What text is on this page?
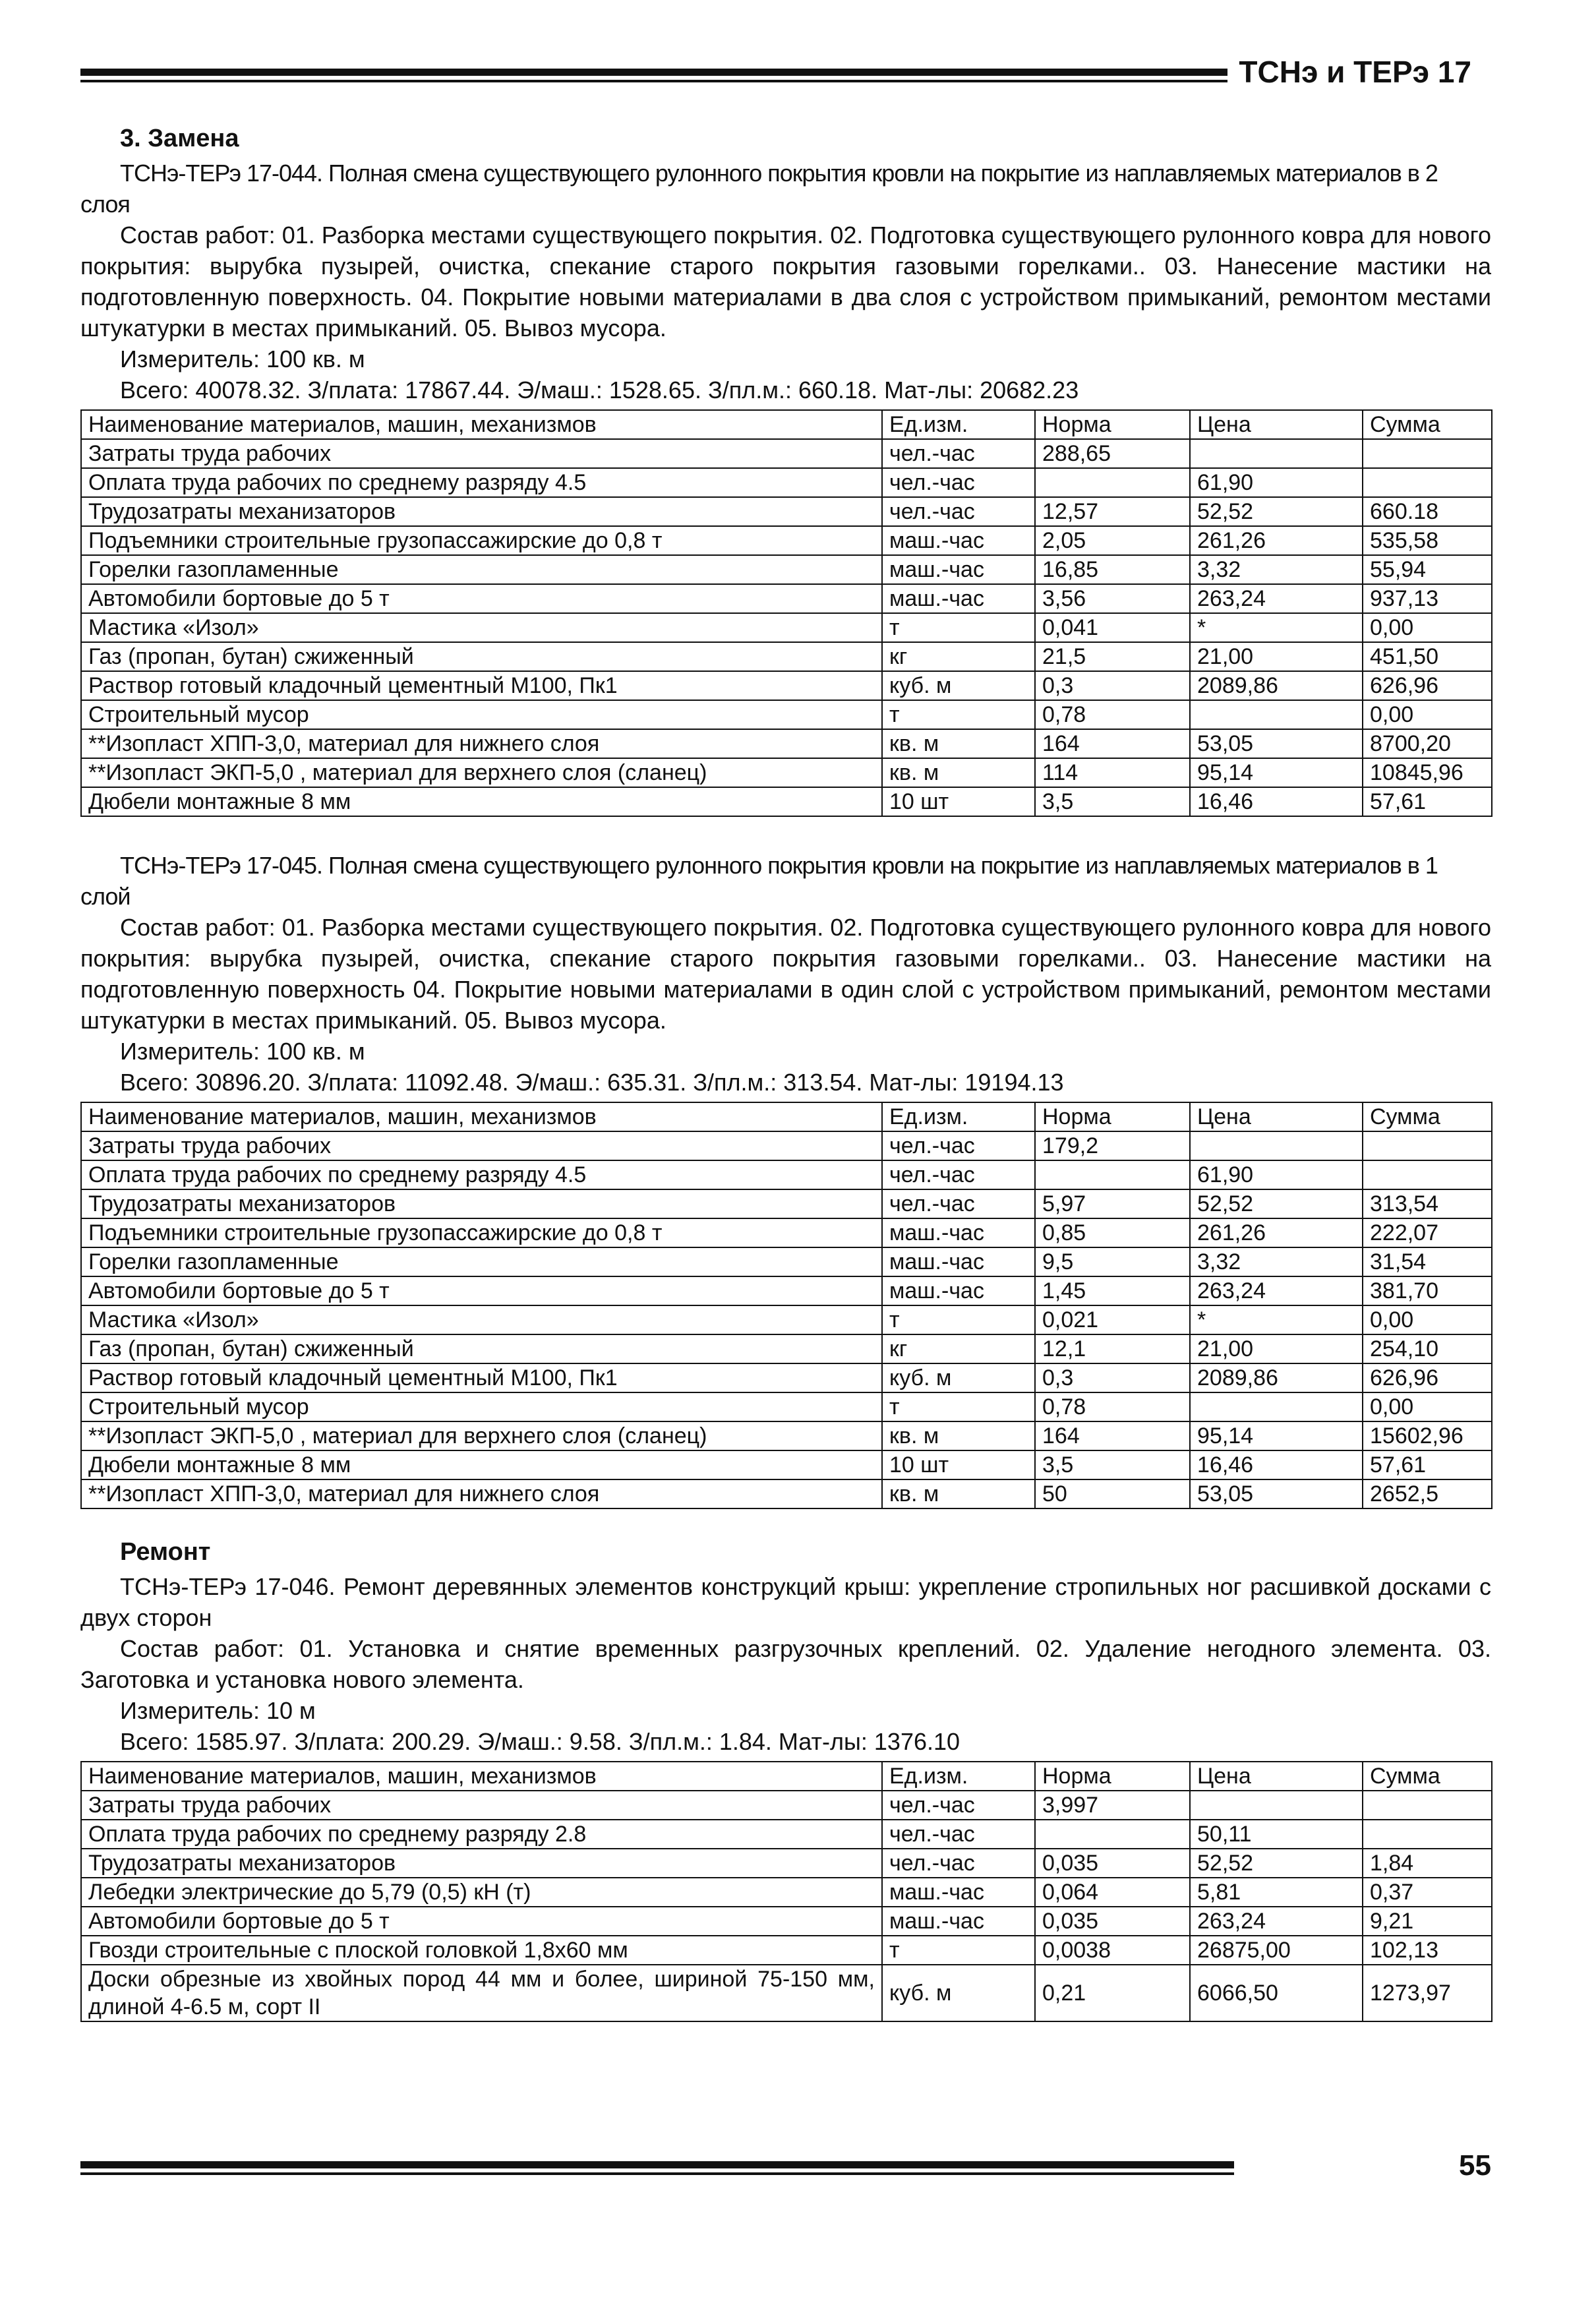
ТСНэ и ТЕРэ 17

3. Замена

ТСНэ-ТЕРэ 17-044. Полная смена существующего рулонного покрытия кровли на покрытие из наплавляемых материалов в 2 слоя

Состав работ: 01. Разборка местами существующего покрытия. 02. Подготовка существующего рулонного ковра для нового покрытия: вырубка пузырей, очистка, спекание старого покрытия газовыми горелками.. 03. Нанесение мастики на подготовленную поверхность. 04. Покрытие новыми материалами в два слоя с устройством примыканий, ремонтом местами штукатурки в местах примыканий. 05. Вывоз мусора.

Измеритель: 100 кв. м

Всего: 40078.32. З/плата: 17867.44. Э/маш.: 1528.65. З/пл.м.: 660.18. Мат-лы: 20682.23

Наименование материалов, машин, механизмов	Ед.изм.	Норма	Цена	Сумма
Затраты труда рабочих	чел.-час	288,65		
Оплата труда рабочих по среднему разряду 4.5	чел.-час		61,90	
Трудозатраты механизаторов	чел.-час	12,57	52,52	660.18
Подъемники строительные грузопассажирские до 0,8 т	маш.-час	2,05	261,26	535,58
Горелки газопламенные	маш.-час	16,85	3,32	55,94
Автомобили бортовые до 5 т	маш.-час	3,56	263,24	937,13
Мастика «Изол»	т	0,041	*	0,00
Газ (пропан, бутан) сжиженный	кг	21,5	21,00	451,50
Раствор готовый кладочный цементный М100, Пк1	куб. м	0,3	2089,86	626,96
Строительный мусор	т	0,78		0,00
**Изопласт ХПП-3,0, материал для нижнего слоя	кв. м	164	53,05	8700,20
**Изопласт ЭКП-5,0 , материал для верхнего слоя (сланец)	кв. м	114	95,14	10845,96
Дюбели монтажные 8 мм	10 шт	3,5	16,46	57,61

ТСНэ-ТЕРэ 17-045. Полная смена существующего рулонного покрытия кровли на покрытие из наплавляемых материалов в 1 слой

Состав работ: 01. Разборка местами существующего покрытия. 02. Подготовка существующего рулонного ковра для нового покрытия: вырубка пузырей, очистка, спекание старого покрытия газовыми горелками.. 03. Нанесение мастики на подготовленную поверхность 04. Покрытие новыми материалами в один слой с устройством примыканий, ремонтом местами штукатурки в местах примыканий. 05. Вывоз мусора.

Измеритель: 100 кв. м

Всего: 30896.20. З/плата: 11092.48. Э/маш.: 635.31. З/пл.м.: 313.54. Мат-лы: 19194.13

Наименование материалов, машин, механизмов	Ед.изм.	Норма	Цена	Сумма
Затраты труда рабочих	чел.-час	179,2		
Оплата труда рабочих по среднему разряду 4.5	чел.-час		61,90	
Трудозатраты механизаторов	чел.-час	5,97	52,52	313,54
Подъемники строительные грузопассажирские до 0,8 т	маш.-час	0,85	261,26	222,07
Горелки газопламенные	маш.-час	9,5	3,32	31,54
Автомобили бортовые до 5 т	маш.-час	1,45	263,24	381,70
Мастика «Изол»	т	0,021	*	0,00
Газ (пропан, бутан) сжиженный	кг	12,1	21,00	254,10
Раствор готовый кладочный цементный М100, Пк1	куб. м	0,3	2089,86	626,96
Строительный мусор	т	0,78		0,00
**Изопласт ЭКП-5,0 , материал для верхнего слоя (сланец)	кв. м	164	95,14	15602,96
Дюбели монтажные 8 мм	10 шт	3,5	16,46	57,61
**Изопласт ХПП-3,0, материал для нижнего слоя	кв. м	50	53,05	2652,5

Ремонт

ТСНэ-ТЕРэ 17-046. Ремонт деревянных элементов конструкций крыш: укрепление стропильных ног расшивкой досками с двух сторон

Состав работ: 01. Установка и снятие временных разгрузочных креплений. 02. Удаление негодного элемента. 03. Заготовка и установка нового элемента.

Измеритель: 10 м

Всего: 1585.97. З/плата: 200.29. Э/маш.: 9.58. З/пл.м.: 1.84. Мат-лы: 1376.10

Наименование материалов, машин, механизмов	Ед.изм.	Норма	Цена	Сумма
Затраты труда рабочих	чел.-час	3,997		
Оплата труда рабочих по среднему разряду 2.8	чел.-час		50,11	
Трудозатраты механизаторов	чел.-час	0,035	52,52	1,84
Лебедки электрические до 5,79 (0,5) кН (т)	маш.-час	0,064	5,81	0,37
Автомобили бортовые до 5 т	маш.-час	0,035	263,24	9,21
Гвозди строительные с плоской головкой 1,8x60 мм	т	0,0038	26875,00	102,13
Доски обрезные из хвойных пород 44 мм и более, шириной 75-150 мм, длиной 4-6.5 м, сорт II	куб. м	0,21	6066,50	1273,97
55
